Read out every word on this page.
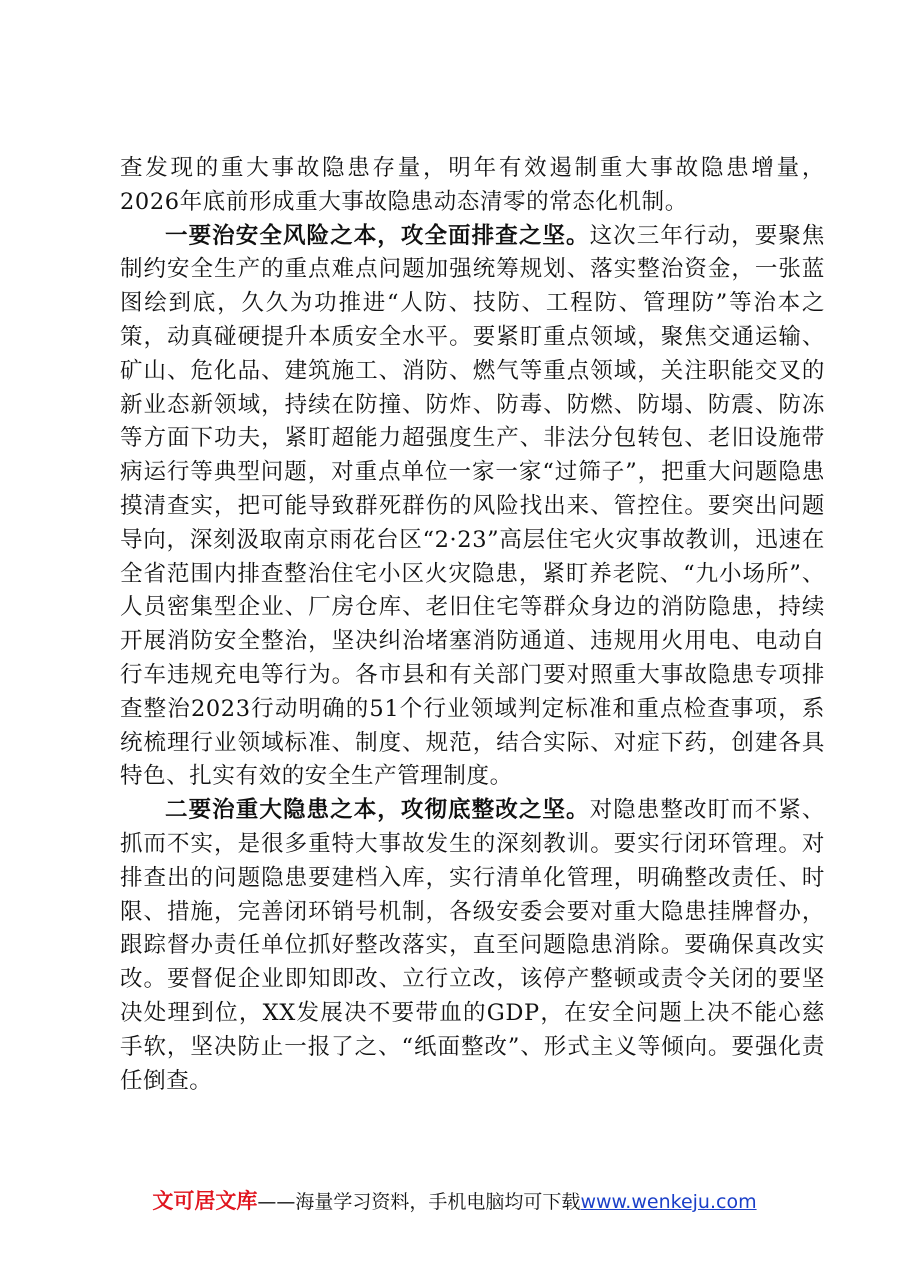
查发现的重大事故隐患存量，明年有效遏制重大事故隐患增量，2026年底前形成重大事故隐患动态清零的常态化机制。

一要治安全风险之本，攻全面排查之坚。这次三年行动，要聚焦制约安全生产的重点难点问题加强统筹规划、落实整治资金，一张蓝图绘到底，久久为功推进“人防、技防、工程防、管理防”等治本之策，动真碰硬提升本质安全水平。要紧盯重点领域，聚焦交通运输、矿山、危化品、建筑施工、消防、燃气等重点领域，关注职能交叉的新业态新领域，持续在防撞、防炸、防毒、防燃、防塌、防震、防冻等方面下功夫，紧盯超能力超强度生产、非法分包转包、老旧设施带病运行等典型问题，对重点单位一家一家“过筛子”，把重大问题隐患摸清查实，把可能导致群死群伤的风险找出来、管控住。要突出问题导向，深刻汲取南京雨花台区“2·23”高层住宅火灾事故教训，迅速在全省范围内排查整治住宅小区火灾隐患，紧盯养老院、“九小场所”、人员密集型企业、厂房仓库、老旧住宅等群众身边的消防隐患，持续开展消防安全整治，坚决纠治堵塞消防通道、违规用火用电、电动自行车违规充电等行为。各市县和有关部门要对照重大事故隐患专项排查整治2023行动明确的51个行业领域判定标准和重点检查事项，系统梳理行业领域标准、制度、规范，结合实际、对症下药，创建各具特色、扎实有效的安全生产管理制度。

二要治重大隐患之本，攻彻底整改之坚。对隐患整改盯而不紧、抓而不实，是很多重特大事故发生的深刻教训。要实行闭环管理。对排查出的问题隐患要建档入库，实行清单化管理，明确整改责任、时限、措施，完善闭环销号机制，各级安委会要对重大隐患挂牌督办，跟踪督办责任单位抓好整改落实，直至问题隐患消除。要确保真改实改。要督促企业即知即改、立行立改，该停产整顿或责令关闭的要坚决处理到位，XX发展决不要带血的GDP，在安全问题上决不能心慈手软，坚决防止一报了之、“纸面整改”、形式主义等倾向。要强化责任倒查。

文可居文库——海量学习资料，手机电脑均可下载www.wenkeju.com
